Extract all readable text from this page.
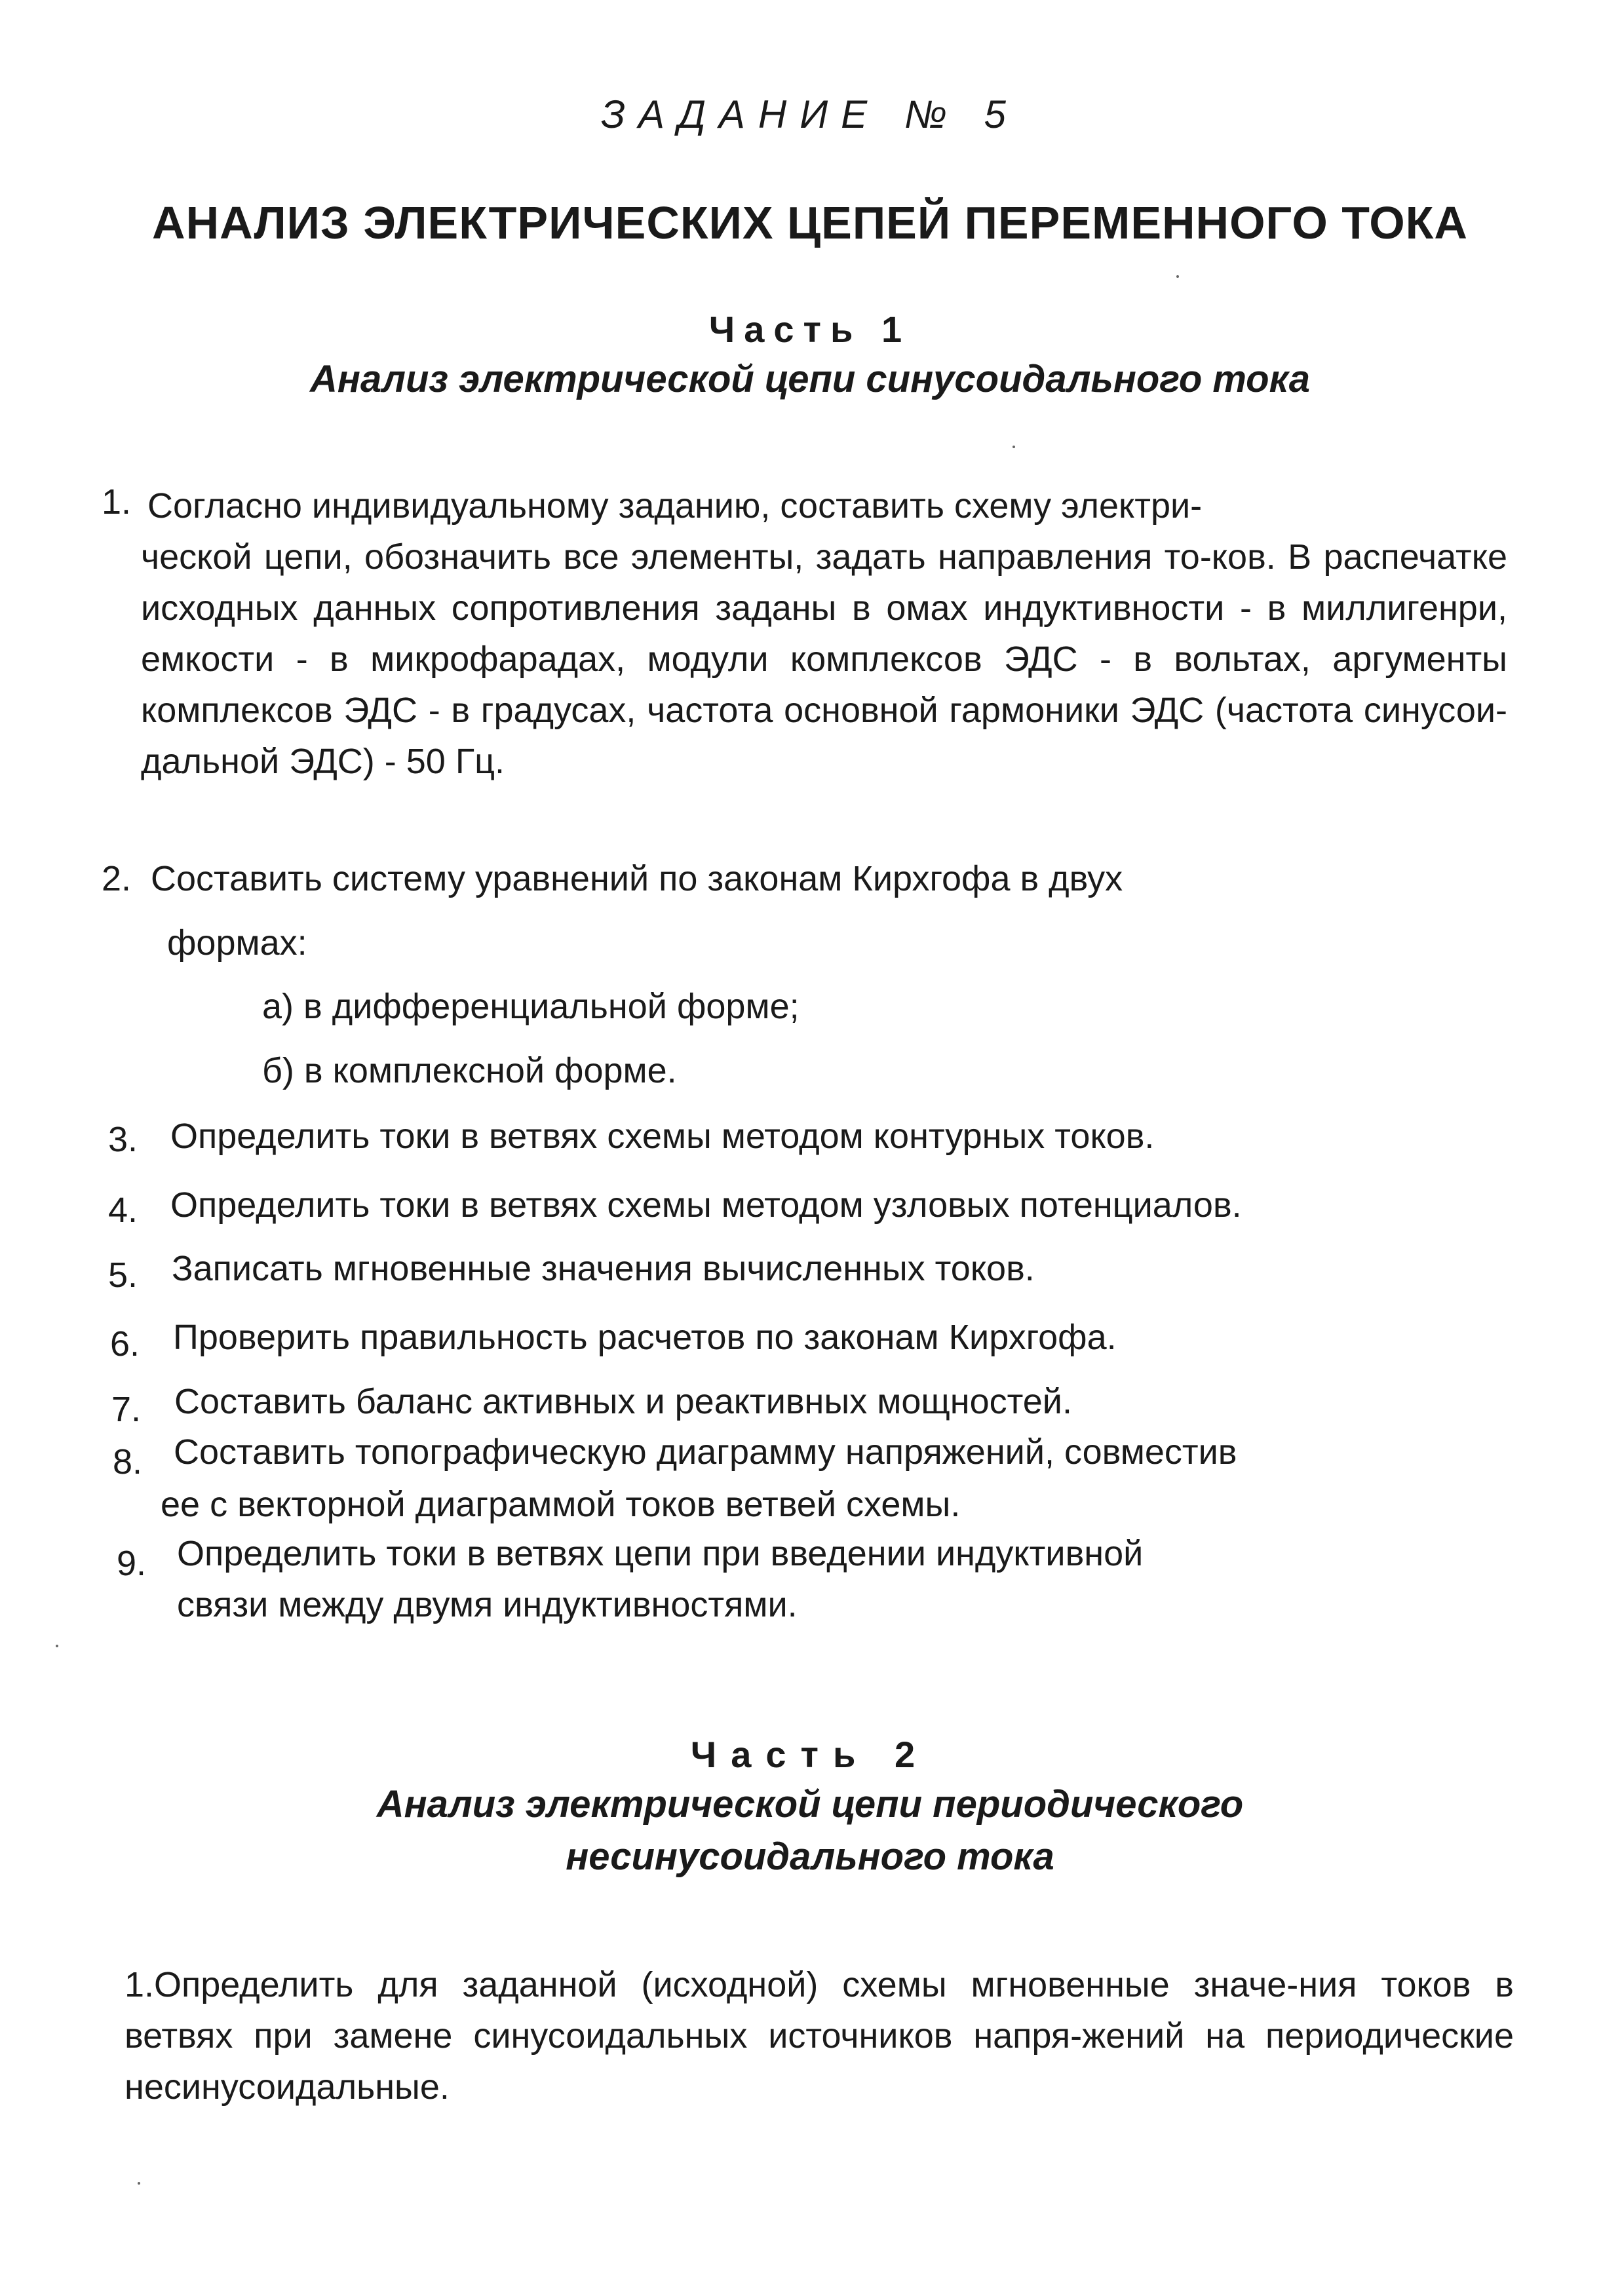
ЗАДАНИЕ № 5
АНАЛИЗ ЭЛЕКТРИЧЕСКИХ ЦЕПЕЙ ПЕРЕМЕННОГО ТОКА
Часть 1
Анализ электрической цепи синусоидального тока
1. Согласно индивидуальному заданию, составить схему электри-
ческой цепи, обозначить все элементы, задать направления то-ков. В распечатке исходных данных сопротивления заданы в омах индуктивности - в миллигенри, емкости - в микрофарадах, модули комплексов ЭДС - в вольтах, аргументы комплексов ЭДС - в градусах, частота основной гармоники ЭДС (частота синусои-дальной ЭДС) - 50 Гц.
2. Составить систему уравнений по законам Кирхгофа в двух
формах:
а) в дифференциальной форме;
б) в комплексной форме.
3. Определить токи в ветвях схемы методом контурных токов.
4. Определить токи в ветвях схемы методом узловых потенциалов.
5. Записать мгновенные значения вычисленных токов.
6. Проверить правильность расчетов по законам Кирхгофа.
7. Составить баланс активных и реактивных мощностей.
8. Составить топографическую диаграмму напряжений, совместив
ее с векторной диаграммой токов ветвей схемы.
9. Определить токи в ветвях цепи при введении индуктивной
связи между двумя индуктивностями.
Часть 2
Анализ электрической цепи периодического
несинусоидального тока
1.Определить для заданной (исходной) схемы мгновенные значе-ния токов в ветвях при замене синусоидальных источников напря-жений на периодические несинусоидальные.
